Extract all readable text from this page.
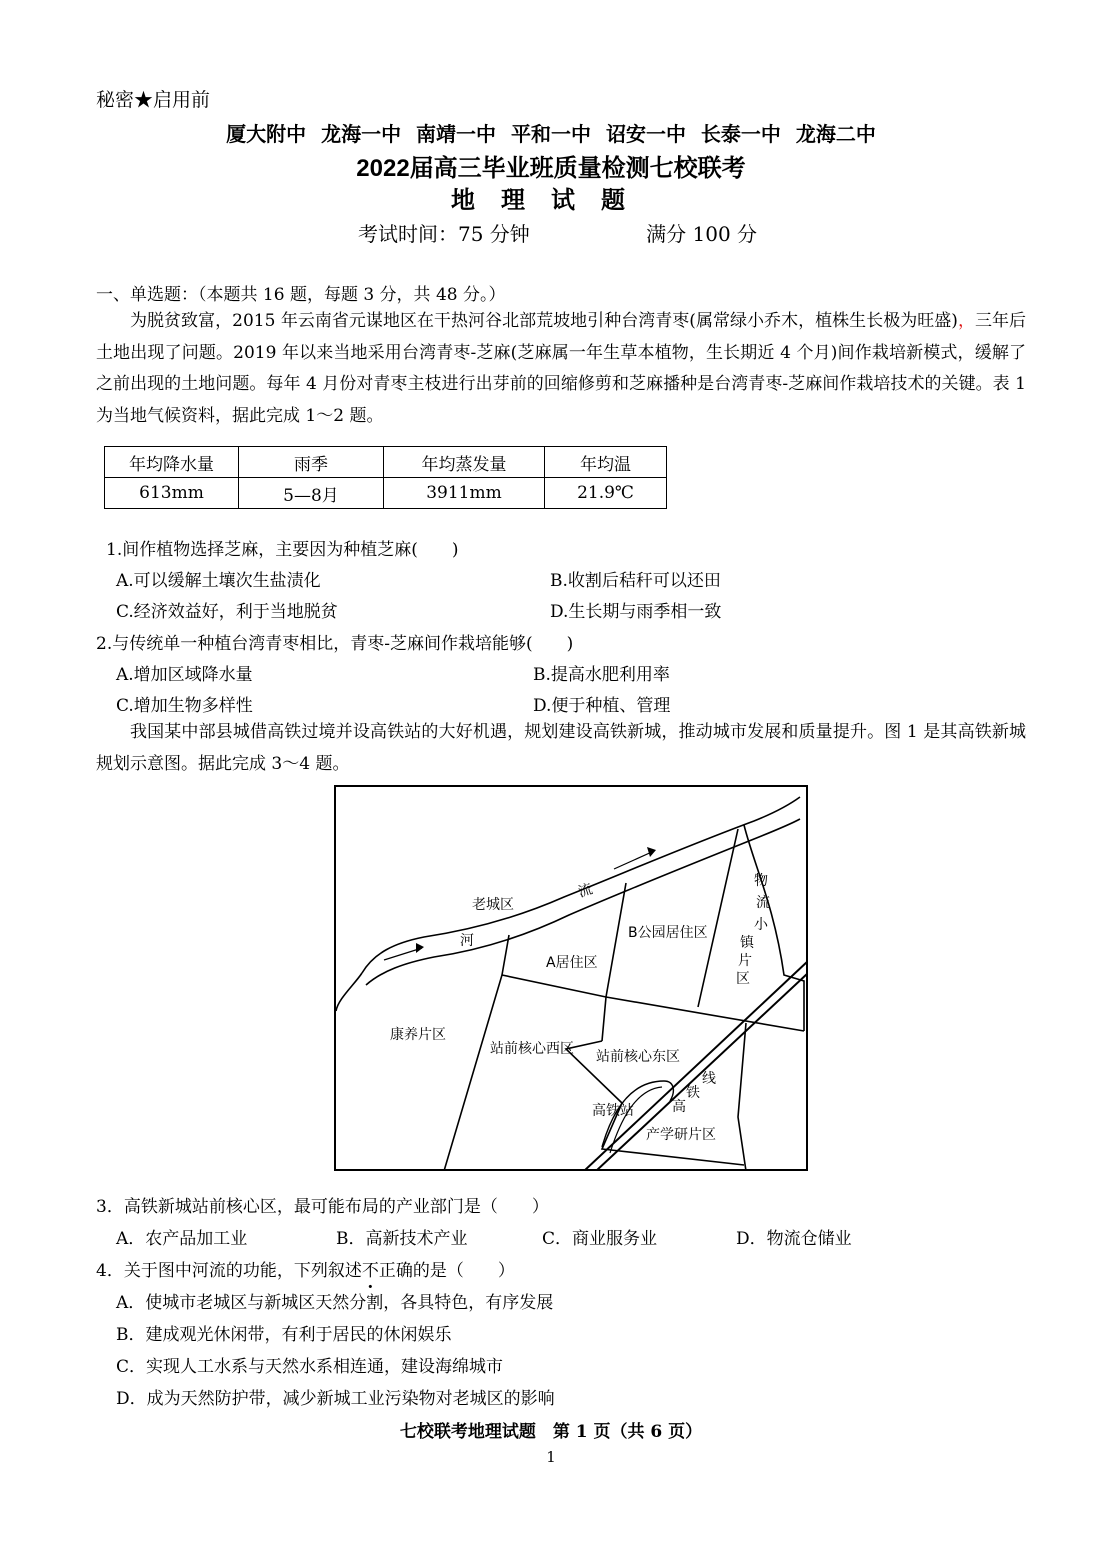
秘密★启用前
厦大附中 龙海一中 南靖一中 平和一中 诏安一中 长泰一中 龙海二中
2022届高三毕业班质量检测七校联考
地理试题
考试时间：75 分钟	满分 100 分
一、单选题：（本题共 16 题，每题 3 分，共 48 分。）
为脱贫致富，2015 年云南省元谋地区在干热河谷北部荒坡地引种台湾青枣(属常绿小乔木，植株生长极为旺盛)，三年后土地出现了问题。2019 年以来当地采用台湾青枣-芝麻(芝麻属一年生草本植物，生长期近 4 个月)间作栽培新模式，缓解了之前出现的土地问题。每年 4 月份对青枣主枝进行出芽前的回缩修剪和芝麻播种是台湾青枣-芝麻间作栽培技术的关键。表 1 为当地气候资料，据此完成 1～2 题。
年均降水量	雨季	年均蒸发量	年均温
613mm	5—8月	3911mm	21.9℃
1.间作植物选择芝麻，主要因为种植芝麻(　　)
A.可以缓解土壤次生盐渍化	B.收割后秸秆可以还田
C.经济效益好，利于当地脱贫	D.生长期与雨季相一致
2.与传统单一种植台湾青枣相比，青枣-芝麻间作栽培能够(　　)
A.增加区域降水量	B.提高水肥利用率
C.增加生物多样性	D.便于种植、管理
我国某中部县城借高铁过境并设高铁站的大好机遇，规划建设高铁新城，推动城市发展和质量提升。图 1 是其高铁新城规划示意图。据此完成 3～4 题。
老城区
河
流
A居住区
B公园居住区
物
流
小
镇
片
区
康养片区
站前核心西区 站前核心东区
高铁站
线
铁
高
产学研片区
3．高铁新城站前核心区，最可能布局的产业部门是（　　）
A．农产品加工业	B．高新技术产业	C．商业服务业	D．物流仓储业
4．关于图中河流的功能，下列叙述不正确的是（　　）
A．使城市老城区与新城区天然分割，各具特色，有序发展
B．建成观光休闲带，有利于居民的休闲娱乐
C．实现人工水系与天然水系相连通，建设海绵城市
D．成为天然防护带，减少新城工业污染物对老城区的影响
七校联考地理试题　第 1 页（共 6 页）
1
